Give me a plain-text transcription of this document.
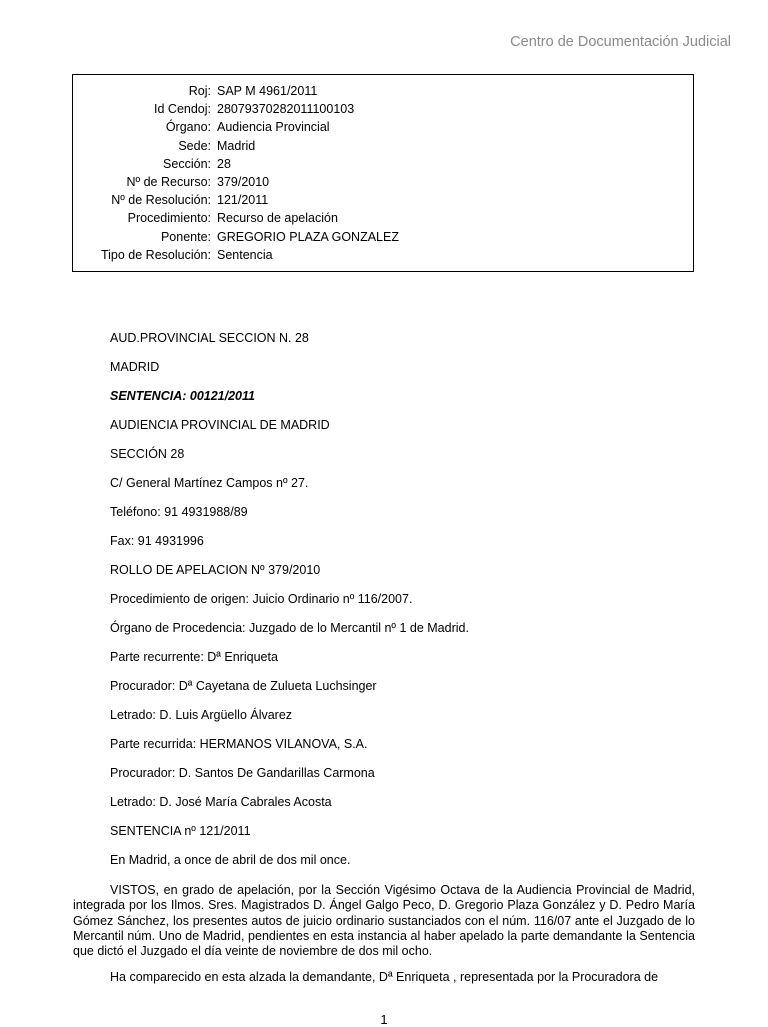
Centro de Documentación Judicial
Roj: SAP M 4961/2011
Id Cendoj: 28079370282011100103
Órgano: Audiencia Provincial
Sede: Madrid
Sección: 28
Nº de Recurso: 379/2010
Nº de Resolución: 121/2011
Procedimiento: Recurso de apelación
Ponente: GREGORIO PLAZA GONZALEZ
Tipo de Resolución: Sentencia
AUD.PROVINCIAL SECCION N. 28
MADRID
SENTENCIA: 00121/2011
AUDIENCIA PROVINCIAL DE MADRID
SECCIÓN 28
C/ General Martínez Campos nº 27.
Teléfono: 91 4931988/89
Fax: 91 4931996
ROLLO DE APELACION Nº 379/2010
Procedimiento de origen: Juicio Ordinario nº 116/2007.
Órgano de Procedencia: Juzgado de lo Mercantil nº 1 de Madrid.
Parte recurrente: Dª Enriqueta
Procurador: Dª Cayetana de Zulueta Luchsinger
Letrado: D. Luis Argüello Álvarez
Parte recurrida: HERMANOS VILANOVA, S.A.
Procurador: D. Santos De Gandarillas Carmona
Letrado: D. José María Cabrales Acosta
SENTENCIA nº 121/2011
En Madrid, a once de abril de dos mil once.
VISTOS, en grado de apelación, por la Sección Vigésimo Octava de la Audiencia Provincial de Madrid, integrada por los Ilmos. Sres. Magistrados D. Ángel Galgo Peco, D. Gregorio Plaza González y D. Pedro María Gómez Sánchez, los presentes autos de juicio ordinario sustanciados con el núm. 116/07 ante el Juzgado de lo Mercantil núm. Uno de Madrid, pendientes en esta instancia al haber apelado la parte demandante la Sentencia que dictó el Juzgado el día veinte de noviembre de dos mil ocho.
Ha comparecido en esta alzada la demandante, Dª Enriqueta , representada por la Procuradora de
1
